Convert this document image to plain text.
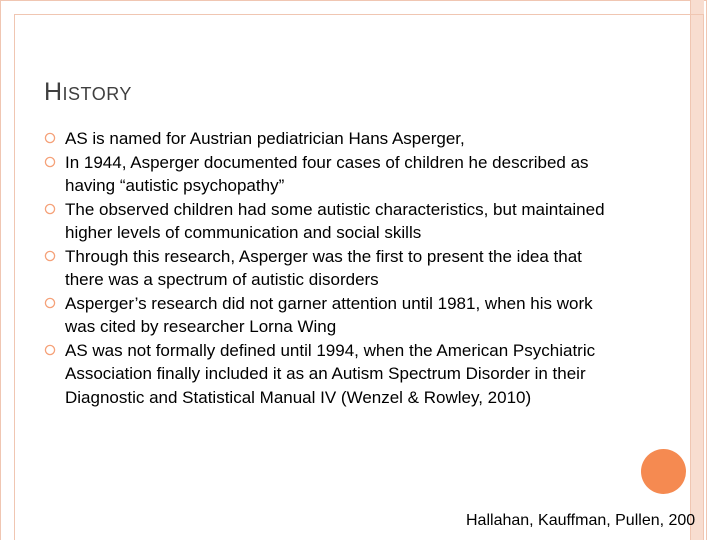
History
AS is named for Austrian pediatrician Hans Asperger,
In 1944, Asperger documented four cases of children he described as having “autistic psychopathy”
The observed children had some autistic characteristics, but maintained higher levels of communication and social skills
Through this research, Asperger was the first to present the idea that there was a spectrum of autistic disorders
Asperger’s research did not garner attention until 1981, when his work was cited by researcher Lorna Wing
AS was not formally defined until 1994, when the American Psychiatric Association finally included it as an Autism Spectrum Disorder in their Diagnostic and Statistical Manual IV (Wenzel & Rowley, 2010)
Hallahan, Kauffman, Pullen, 200
